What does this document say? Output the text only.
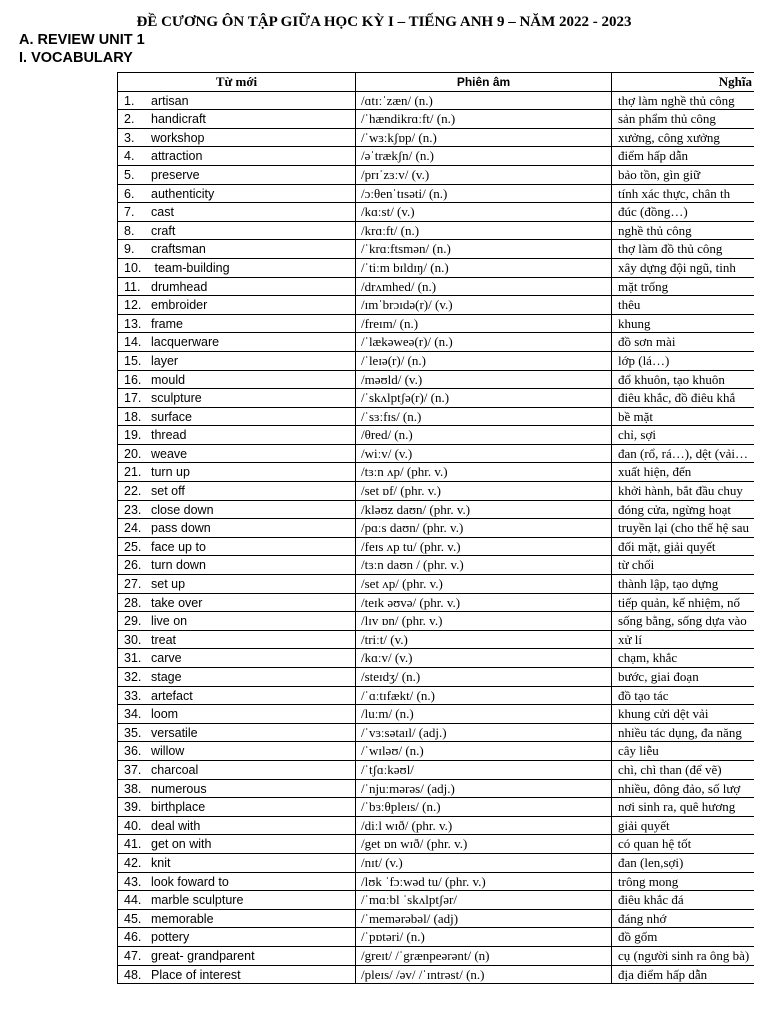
ĐỀ CƯƠNG ÔN TẬP GIỮA HỌC KỲ I – TIẾNG ANH 9 – NĂM 2022 - 2023
A. REVIEW UNIT 1
I. VOCABULARY
Từ mới	Phiên âm	Nghĩa
1. artisan	/ɑtɪːˈzæn/ (n.)	thợ làm nghề thủ công
2. handicraft	/ˈhændikrɑːft/ (n.)	sản phẩm thủ công
3. workshop	/ˈwɜːkʃɒp/ (n.)	xưởng, công xưởng
4. attraction	/əˈtrækʃn/ (n.)	điểm hấp dẫn
5. preserve	/prɪˈzɜːv/ (v.)	bảo tồn, gìn giữ
6. authenticity	/ɔːθenˈtɪsəti/ (n.)	tính xác thực, chân th
7. cast	/kɑːst/ (v.)	đúc (đồng…)
8. craft	/krɑːft/ (n.)	nghề thủ công
9. craftsman	/ˈkrɑːftsmən/ (n.)	thợ làm đồ thủ công
10. team-building	/ˈtiːm bɪldɪŋ/ (n.)	xây dựng đội ngũ, tinh
11. drumhead	/drʌmhed/ (n.)	mặt trống
12. embroider	/ɪmˈbrɔɪdə(r)/ (v.)	thêu
13. frame	/freɪm/ (n.)	khung
14. lacquerware	/ˈlækəweə(r)/ (n.)	đồ sơn mài
15. layer	/ˈleɪə(r)/ (n.)	lớp (lá…)
16. mould	/məʊld/ (v.)	đổ khuôn, tạo khuôn
17. sculpture	/ˈskʌlptʃə(r)/ (n.)	điêu khắc, đồ điêu khắ
18. surface	/ˈsɜːfɪs/ (n.)	bề mặt
19. thread	/θred/ (n.)	chỉ, sợi
20. weave	/wiːv/ (v.)	đan (rổ, rá…), dệt (vải…
21. turn up	/tɜːn ʌp/ (phr. v.)	xuất hiện, đến
22. set off	/set ɒf/ (phr. v.)	khởi hành, bắt đầu chuy
23. close down	/kləʊz daʊn/ (phr. v.)	đóng cửa, ngừng hoạt
24. pass down	/pɑːs daʊn/ (phr. v.)	truyền lại (cho thế hệ sau
25. face up to	/feɪs ʌp tu/ (phr. v.)	đối mặt, giải quyết
26. turn down	/tɜːn daʊn / (phr. v.)	từ chối
27. set up	/set ʌp/ (phr. v.)	thành lập, tạo dựng
28. take over	/teɪk əʊvə/ (phr. v.)	tiếp quản, kế nhiệm, nố
29. live on	/lɪv ɒn/ (phr. v.)	sống bằng, sống dựa vào
30. treat	/triːt/ (v.)	xử lí
31. carve	/kɑːv/ (v.)	chạm, khắc
32. stage	/steɪdʒ/ (n.)	bước, giai đoạn
33. artefact	/ˈɑːtɪfækt/ (n.)	đồ tạo tác
34. loom	/luːm/ (n.)	khung cửi dệt vải
35. versatile	/ˈvɜːsətaɪl/ (adj.)	nhiều tác dụng, đa năng
36. willow	/ˈwɪləʊ/ (n.)	cây liễu
37. charcoal	/ˈtʃɑːkəʊl/	chì, chì than (để vẽ)
38. numerous	/ˈnjuːmərəs/ (adj.)	nhiều, đông đảo, số lượ
39. birthplace	/ˈbɜːθpleɪs/ (n.)	nơi sinh ra, quê hương
40. deal with	/diːl wɪð/ (phr. v.)	giải quyết
41. get on with	/get ɒn wɪð/ (phr. v.)	có quan hệ tốt
42. knit	/nɪt/ (v.)	đan (len,sợi)
43. look foward to	/lʊk ˈfɔːwəd tu/ (phr. v.)	trông mong
44. marble sculpture	/ˈmɑːbl ˈskʌlptʃər/	điêu khắc đá
45. memorable	/ˈmemərəbəl/ (adj)	đáng nhớ
46. pottery	/ˈpɒtəri/ (n.)	đồ gốm
47. great- grandparent	/greɪt/ /ˈgrænpeərənt/ (n)	cụ (người sinh ra ông bà)
48. Place of interest	/pleɪs/ /əv/ /ˈɪntrəst/ (n.)	địa điểm hấp dẫn
